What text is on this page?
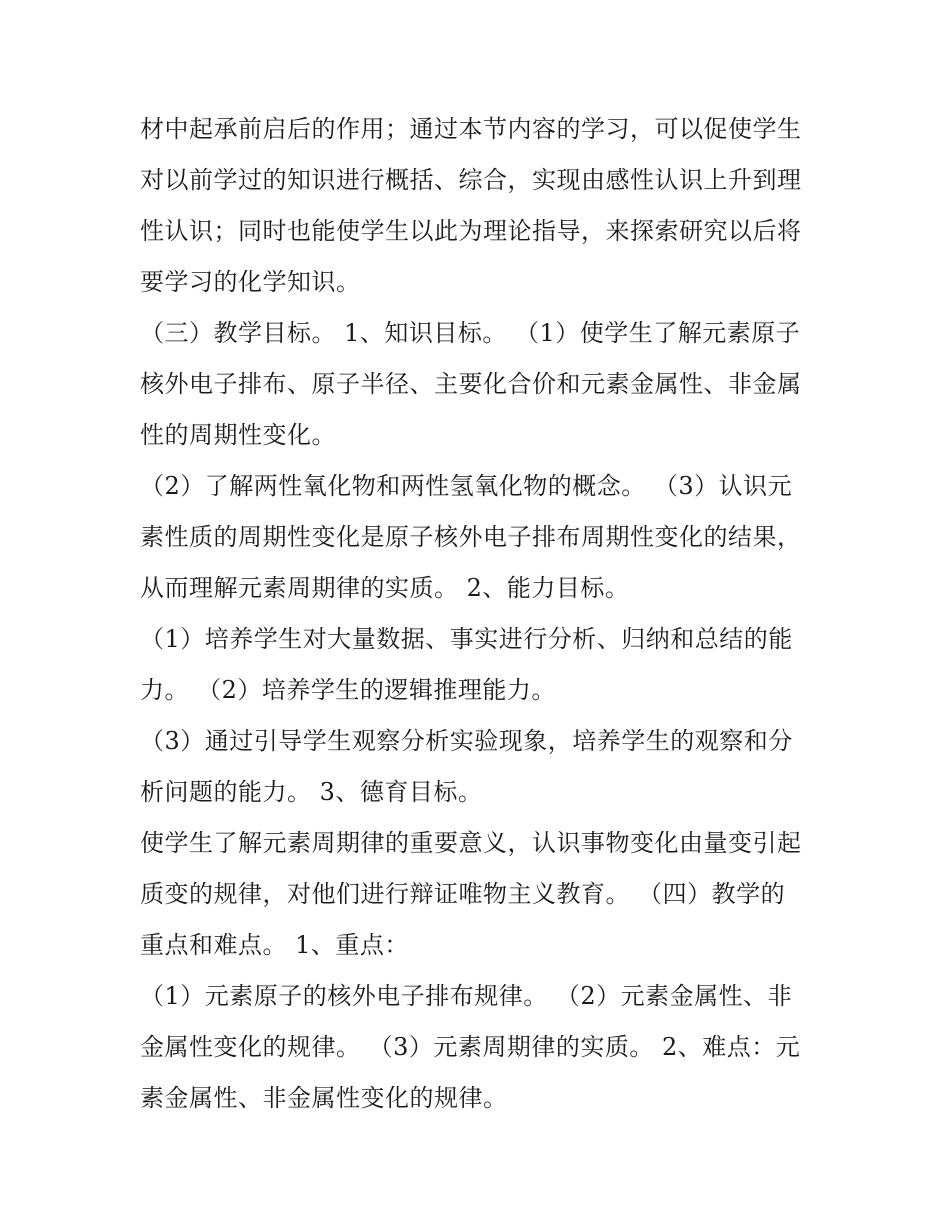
材中起承前启后的作用；通过本节内容的学习，可以促使学生
对以前学过的知识进行概括、综合，实现由感性认识上升到理
性认识；同时也能使学生以此为理论指导，来探索研究以后将
要学习的化学知识。
（三）教学目标。 1、知识目标。 （1）使学生了解元素原子
核外电子排布、原子半径、主要化合价和元素金属性、非金属
性的周期性变化。
（2）了解两性氧化物和两性氢氧化物的概念。 （3）认识元
素性质的周期性变化是原子核外电子排布周期性变化的结果，
从而理解元素周期律的实质。 2、能力目标。
（1）培养学生对大量数据、事实进行分析、归纳和总结的能
力。 （2）培养学生的逻辑推理能力。
（3）通过引导学生观察分析实验现象，培养学生的观察和分
析问题的能力。 3、德育目标。
使学生了解元素周期律的重要意义，认识事物变化由量变引起
质变的规律，对他们进行辩证唯物主义教育。 （四）教学的
重点和难点。 1、重点：
（1）元素原子的核外电子排布规律。 （2）元素金属性、非
金属性变化的规律。 （3）元素周期律的实质。 2、难点：元
素金属性、非金属性变化的规律。
